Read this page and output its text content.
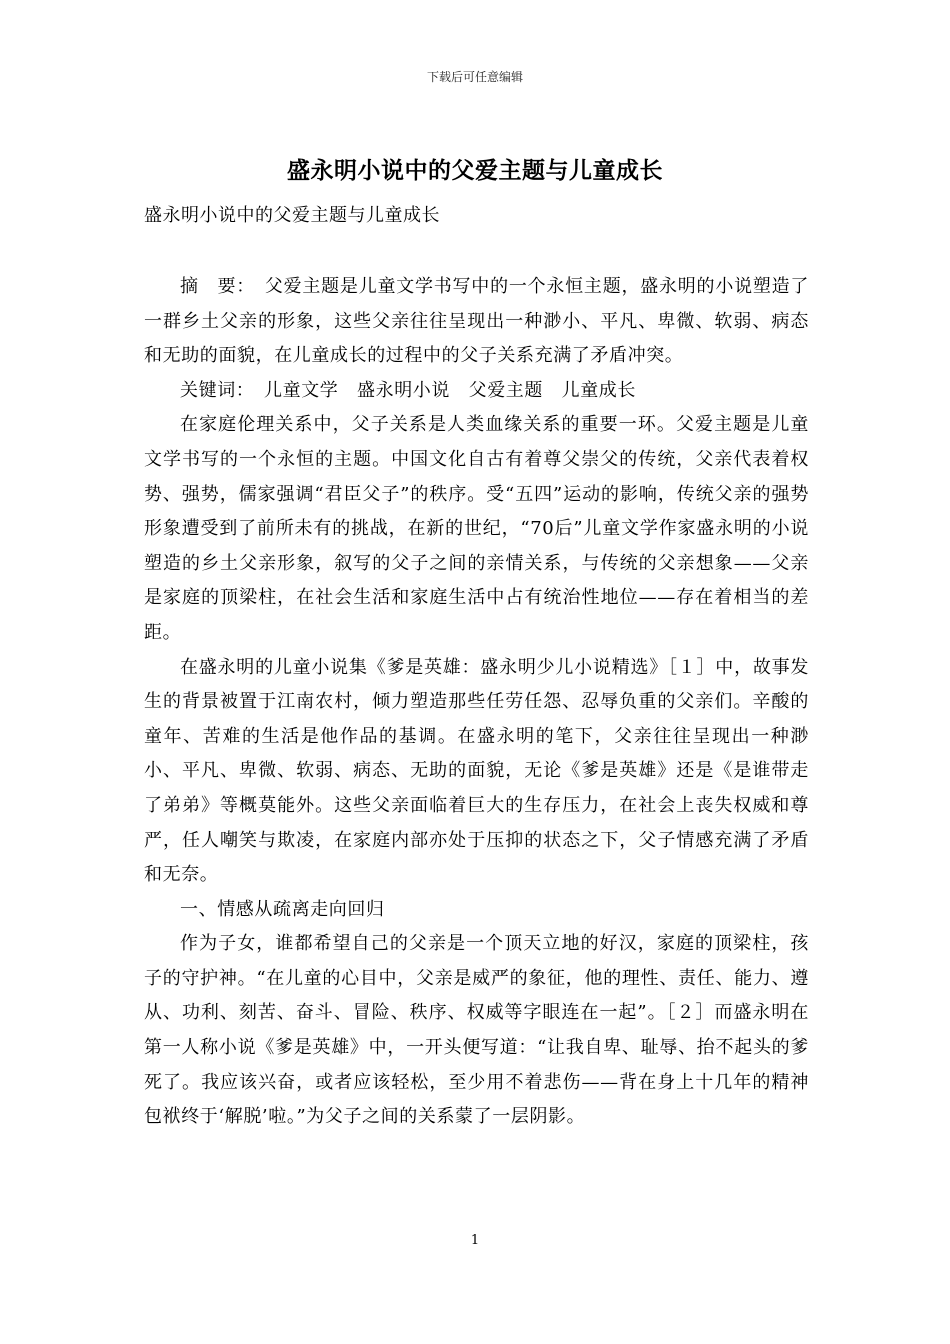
下载后可任意编辑
盛永明小说中的父爱主题与儿童成长
盛永明小说中的父爱主题与儿童成长

摘　要：　父爱主题是儿童文学书写中的一个永恒主题，盛永明的小说塑造了一群乡土父亲的形象，这些父亲往往呈现出一种渺小、平凡、卑微、软弱、病态和无助的面貌，在儿童成长的过程中的父子关系充满了矛盾冲突。

关键词：　儿童文学　盛永明小说　父爱主题　儿童成长

在家庭伦理关系中，父子关系是人类血缘关系的重要一环。父爱主题是儿童文学书写的一个永恒的主题。中国文化自古有着尊父崇父的传统，父亲代表着权势、强势，儒家强调“君臣父子”的秩序。受“五四”运动的影响，传统父亲的强势形象遭受到了前所未有的挑战，在新的世纪，“70后”儿童文学作家盛永明的小说塑造的乡土父亲形象，叙写的父子之间的亲情关系，与传统的父亲想象——父亲是家庭的顶梁柱，在社会生活和家庭生活中占有统治性地位——存在着相当的差距。

在盛永明的儿童小说集《爹是英雄：盛永明少儿小说精选》［１］中，故事发生的背景被置于江南农村，倾力塑造那些任劳任怨、忍辱负重的父亲们。辛酸的童年、苦难的生活是他作品的基调。在盛永明的笔下，父亲往往呈现出一种渺小、平凡、卑微、软弱、病态、无助的面貌，无论《爹是英雄》还是《是谁带走了弟弟》等概莫能外。这些父亲面临着巨大的生存压力，在社会上丧失权威和尊严，任人嘲笑与欺凌，在家庭内部亦处于压抑的状态之下，父子情感充满了矛盾和无奈。

一、情感从疏离走向回归

作为子女，谁都希望自己的父亲是一个顶天立地的好汉，家庭的顶梁柱，孩子的守护神。“在儿童的心目中，父亲是威严的象征，他的理性、责任、能力、遵从、功利、刻苦、奋斗、冒险、秩序、权威等字眼连在一起”。［２］而盛永明在第一人称小说《爹是英雄》中，一开头便写道：“让我自卑、耻辱、抬不起头的爹死了。我应该兴奋，或者应该轻松，至少用不着悲伤——背在身上十几年的精神包袱终于‘解脱’啦。”为父子之间的关系蒙了一层阴影。

1
